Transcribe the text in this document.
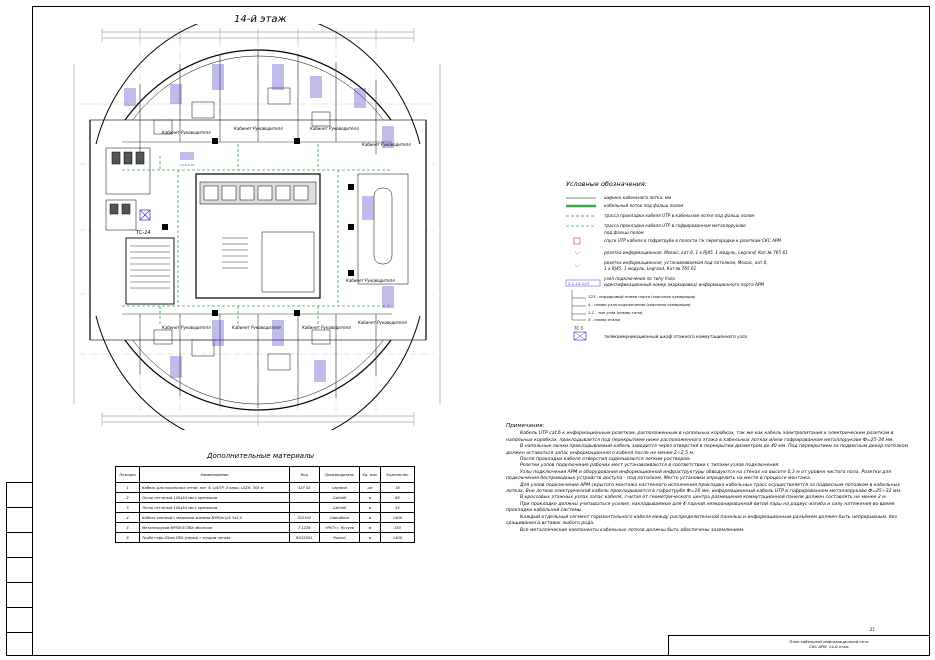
14-й этаж
ТС-14
Кабинет Руководителя
Кабинет Руководителя	Кабинет Руководителя
Кабинет Руководителя
Кабинет Руководителя	Кабинет Руководителя	Кабинет Руководителя
Кабинет Руководителя
Кабинет Руководителя
14-2-1-22
Условные обозначения:
◡
◡
ширина кабельного лотка, мм
кабельный лоток под фальш полом
трасса прокладки кабеля UTP в кабельном лотке под фальш полом
трасса прокладки кабеля UTP в гофрированном металлорукаве
под фальш полом
спуск UTP кабеля в гофротрубе в полости г/к перегородки к розеткам СКС АРМ
розетка информационная, Mosaic, кат.6, 1 x RJ45, 1 модуль, Legrand, Кат.№ 765 61
розетка информационная, устанавливаемая под потолком, Mosaic, кат.6,
1 x RJ45, 1 модуль, Legrand, Кат.№ 765 61
узел подключения по типу Узла
5-1-14-123	идентификационный номер (маркировка) информационного порта АРМ
123 - порядковый номер порта (сквозная нумерация)
4 - номер узла подключения (сквозная нумерация)
1-1 - тип узла (номер типа)
5 - номер этажа
ТС-5
телекоммуникационный шкаф этажного коммутационного узла
Примечания:

Кабель UTP cat.6 к информационным розеткам, расположенным в напольных коробках, так же как кабель электропитания к электрическим розеткам в напольных коробках, прокладывается под перекрытием ниже расположенного этажа в кабельных лотках и/или гофрированном металлорукаве Ф=25-34 мм.

В напольные лючки прокладываемый кабель заводится через отверстия в перекрытии диаметром до 40 мм. Под перекрытием за подвесным декор-потолком должен оставаться запас информационного кабеля после не менее 2÷2,5 м.

После прокладки кабеля отверстия заделываются легким раствором.

Розетки узлов подключения рабочих мест устанавливаются в соответствии с типами узлов подключения.

Узлы подключения АРМ и оборудования информационной инфраструктуры обводуются на стенах на высоте 0,3 м от уровня чистого пола. Розетки для подключения беспроводных устройств доступа - под потолком. Место установки определить на месте в процессе монтажа.

Для узлов подключения АРМ скрытого монтажа настенного исполнения прокладка кабельных трасс осуществляется за подвесным потолком в кабельных лотках. Вне лотков электрической кабель прокладывается в гофротрубе Ф=16 мм, информационный кабель UTP в гофрированном металлорукаве Ф=25÷32 мм.

В кроссовых этажных узлах запас кабеля, считая от геометрического центра размещения коммутационной панели должен составлять не менее 2 м.

При прокладке должны учитываться усилия, накладываемые для 4-парной неэкранированной витой пары на радиус-изгиба и силу натяжения во время прокладки кабельной системы.

Каждый отдельный сегмент горизонтального кабеля между распределительной панелью и информационным разъёмом должен быть непрерывным, без сращивания и вставок любого рода.

Все металлические компоненты кабельных лотков должны быть обеспечены заземлением.

Дополнительные материалы
Позиция	Наименование	Код	Производитель	Ед. изм.	Количество
1	Кабель для локальных сетей, кат. 6, U/UTP, 4 пары, LSZH, 305 м	327 54	Legrand	шт	16
2	Лоток сетчатый 100х54 мм с крепежом		Cablofil	м	66
3	Лоток сетчатый 100х54 мм с крепежом		Cablofil	м	54
4	Кабель силовой с медными жилами NYM(нг)LS 3х2,5	352102	Севкабель	м	1400
5	Металлорукав МРПИ В ПВХ оболочке	7 1226	«РКТ»», Кучуев	м	150
6	Труба гофр.25мм ПВХ (серая) с зондом легкая	RU32501	Ruvinil	м	1400
21
План кабельной информационной сети СКС АРМ, 14-й этаж
